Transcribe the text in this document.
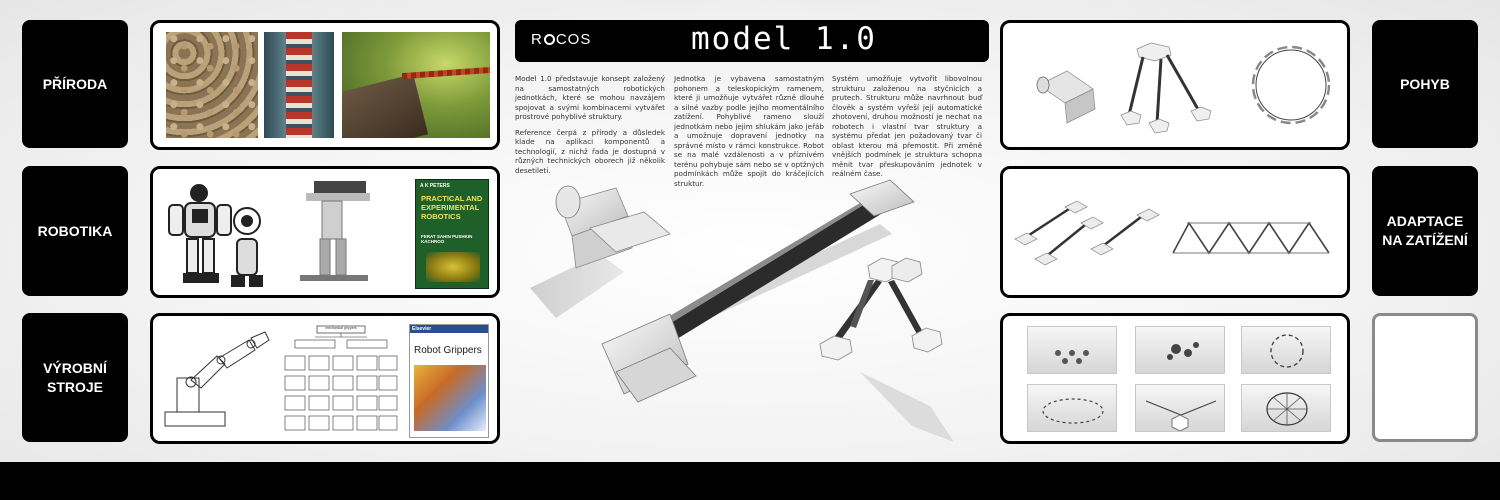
PŘÍRODA
ROBOTIKA
VÝROBNÍ STROJE
POHYB
ADAPTACE NA ZATÍŽENÍ
A K PETERS
PRACTICAL AND EXPERIMENTAL ROBOTICS
FERAT SAHIN PUSHKIN KACHROO
mechanical grippers	Elsevier
Robot Grippers
R COS	model 1.0

Model 1.0 představuje konsept založený na samostatných robotických jednotkách, které se mohou navzájem spojovat a svými kombinacemi vytvářet prostrové pohyblivé struktury.

Reference čerpá z přírody a důsledek klade na aplikaci komponentů a technologií, z nichž řada je dostupná v různých technických oborech již několik desetiletí.

Jednotka je vybavena samostatným pohonem a teleskopickým ramenem, které ji umožňuje vytvářet různě dlouhé a silné vazby podle jejího momentálního zatížení. Pohyblivé rameno slouží jednotkám nebo jejim shlukám jako jeřáb a umožnuje dopravení jednotky na správné místo v rámci konstrukce. Robot se na malé vzdálenosti a v příznivém terénu pohybuje sám nebo se v optžných podmínkách může spojit do kráčejících struktur.

Systém umožňuje vytvořit libovolnou strukturu založenou na styčnicích a prutech. Strukturu může navrhnout buď člověk a systém vyřeší její automatické zhotovení, druhou možností je nechat na robotech i vlastní tvar struktury a systému předat jen požadovaný tvar či oblast kterou má přemostit. Při změně vnějších podmínek je struktura schopna měnit tvar přeskupováním jednotek v reálném čase.
